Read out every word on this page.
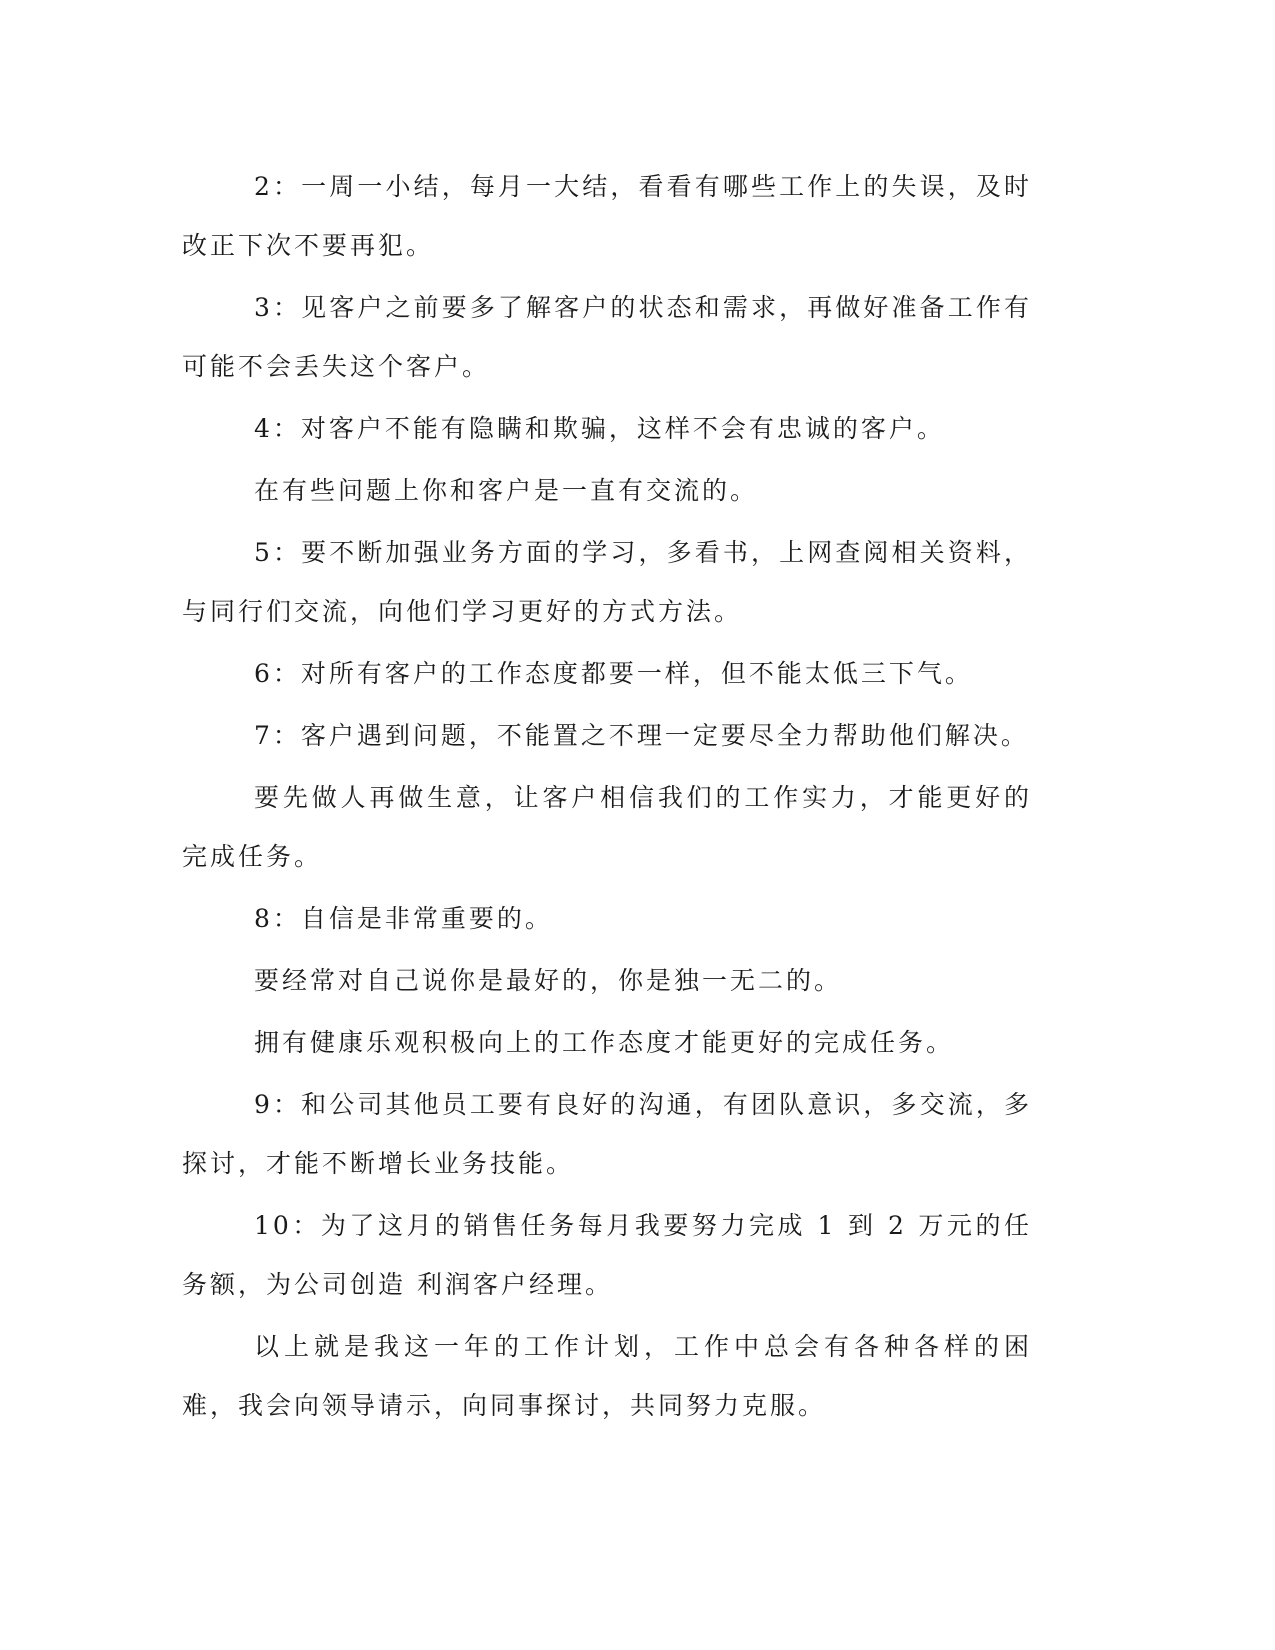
2：一周一小结，每月一大结，看看有哪些工作上的失误，及时改正下次不要再犯。

3：见客户之前要多了解客户的状态和需求，再做好准备工作有可能不会丢失这个客户。

4：对客户不能有隐瞒和欺骗，这样不会有忠诚的客户。

在有些问题上你和客户是一直有交流的。

5：要不断加强业务方面的学习，多看书，上网查阅相关资料，与同行们交流，向他们学习更好的方式方法。

6：对所有客户的工作态度都要一样，但不能太低三下气。

7：客户遇到问题，不能置之不理一定要尽全力帮助他们解决。

要先做人再做生意，让客户相信我们的工作实力，才能更好的完成任务。

8：自信是非常重要的。

要经常对自己说你是最好的，你是独一无二的。

拥有健康乐观积极向上的工作态度才能更好的完成任务。

9：和公司其他员工要有良好的沟通，有团队意识，多交流，多探讨，才能不断增长业务技能。

10：为了这月的销售任务每月我要努力完成 1 到 2 万元的任务额，为公司创造 利润客户经理。

以上就是我这一年的工作计划，工作中总会有各种各样的困难，我会向领导请示，向同事探讨，共同努力克服。
